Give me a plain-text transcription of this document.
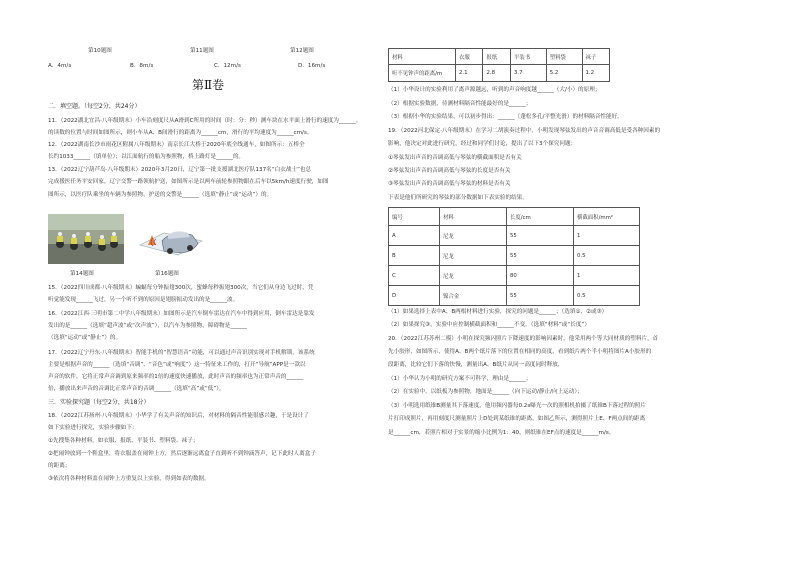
第10题图	第11题图	第12题图
A．4m/s	B．8m/s	C．12m/s	D．16m/s
第Ⅱ卷
二．填空题。（每空2分，共24分）
11．（2022湖北宜昌·八年级期末）小车沿刻度尺从A滑到C所用的时间（时：分：秒）测车块在水平面上滑行的速度为______。
的读数的位置与时间如图所示，则小车从A、B间滑行的距离为______cm，滑行的平均速度为______cm/s。
12．（2022湖南长沙市雨花区附属八年级期末）南京长江大桥于2020年底全线通车，如图所示：五桥全
长约1033______（填单位）；以江面航行的船为参照物，桥上路灯是______的。
13．（2022辽宁葫芦岛·八年级期末）2020年3月20日，辽宁第一批支援湖北医疗队137名“白衣战士”也总
完成援医任务平安回家，辽宁交警一路领航护送，如图所示是以两车前轮参照物跟在后车以5km/h速度行驶，如图
图所示，以医疗队乘坐的车辆为参照物，护送的交警是______（选填“静止”或“运动”）的。
第14题图	第16题图
15．（2022四川成都·八年级期末）蝙蝠每分钟振翅300次，蜜蜂每秒振翅300次，当它们从身边飞过时，凭
听觉能发现______飞过，另一个听不到的原因是翅膀振动发出的是______波。
16．（2022江西·三明市第二中学八年级期末）如图所示是汽车倒车雷达在汽车中得到应用，倒车雷达是靠发
发出的是______（选填“超声波”或“次声波”），以汽车为参照物，障碍物是______
（选填“运动”或“静止”）的。
17．（2022辽宁丹东·八年级期末）智能手机的“智慧语音”功能，可以通过声音识别实现对手机解锁，该系统
主要是根据声音的______（选填“音调”、“音色”或“响度”）这一特征来工作的，打开“导航”APP是一款以
声音的软件，它将正常声音调到原来频率的1倍的速度快速播放，此时声音的频率也为正常声音的______
倍，播放出来声音的音调比正常声音的音调______（选填“高”或“低”）。
三．实验探究题（每空2分，共18分）
18．（2022江苏扬州·八年级期末）小华学了有关声音的知识后，对材料的隔音性能很感兴趣，于是设计了
如下实验进行探究，实验步骤如下：
①先搜集各种材料，如衣服、报纸、平装书、塑料袋、袜子；
②把闹钟放到一个鞋盒里，将衣服盖在闹钟上方，然后逐渐远离盒子直到听不到钟滴答声，记下此时人离盒子
的距离；
③依次将各种材料盖在闹钟上方重复以上实验，得到如表的数据。
材料	衣服	报纸	平装书	塑料袋	袜子
听不见钟声的距离/m	2.1	2.8	3.7	5.2	1.2
（1）小华设计的实验利用了离声源越远，听到的声音响度越______（大/小）的原理；
（2）根据实验数据，待测材料隔音性能最好的是______；
（3）根据小华的实验结果，可以初步得出：______（蓬松多孔/平整光滑）的材料隔音性能好。
19．（2022河北保定·八年级期末）在学习二胡演奏过程中，小明发现琴弦发出的声音音调高低是受各种因素的
影响，他决定对此进行研究，经过和同学们讨论，提出了以下3个探究问题：
①琴弦发出声音的音调高低与琴弦的横截面积是否有关
②琴弦发出声音的音调高低与琴弦的长度是否有关
③琴弦发出声音的音调高低与琴弦的材料是否有关
下表是他们所研究的琴弦的部分数据如下表实验的结果。
编号	材料	长度/cm	横截面积/mm²
A	尼龙	55	1
B	尼龙	55	0.5
C	尼龙	80	1
D	镍合金	55	0.5
（1）如果选择上表中A、B两根材料进行实验，探究的问题是______；（选填①、②或③）
（2）如果探究③，实验中应控制横截面积和______不变。（选填“材料”或“长度”）
20．（2022江苏苏州二模）小明在探究频闪照片下降速度的影响因素时，他采用两个等大同材质的塑料片，首
先小胶形，如图所示，使得A、B两个纸片落下的位置在相同的高度，看到纸片两个半小明将图片A小胶形的
段距离，比较它们下落的快慢，测量出A、B纸片从同一高度同时释放，
（1）小华认为小明的研究方案不可科学，理由是______；
（2）在实验中，以纸板为参照物，地面是______（向下运动/静止/向上运动）；
（3）小明选用纸锥B测量其下落速度，他用频闪器每0.2s曝光一次的照相机拍摄了纸锥B下落过程的照片
片打印成照片，再用刻度尺测量照片上D处到某纸锥的距离，如图乙所示，测得照片上E、F两点间的距离
是______cm，若照片相对于实景的缩小比例为1：40，则纸锥在EF点的速度是______m/s。
